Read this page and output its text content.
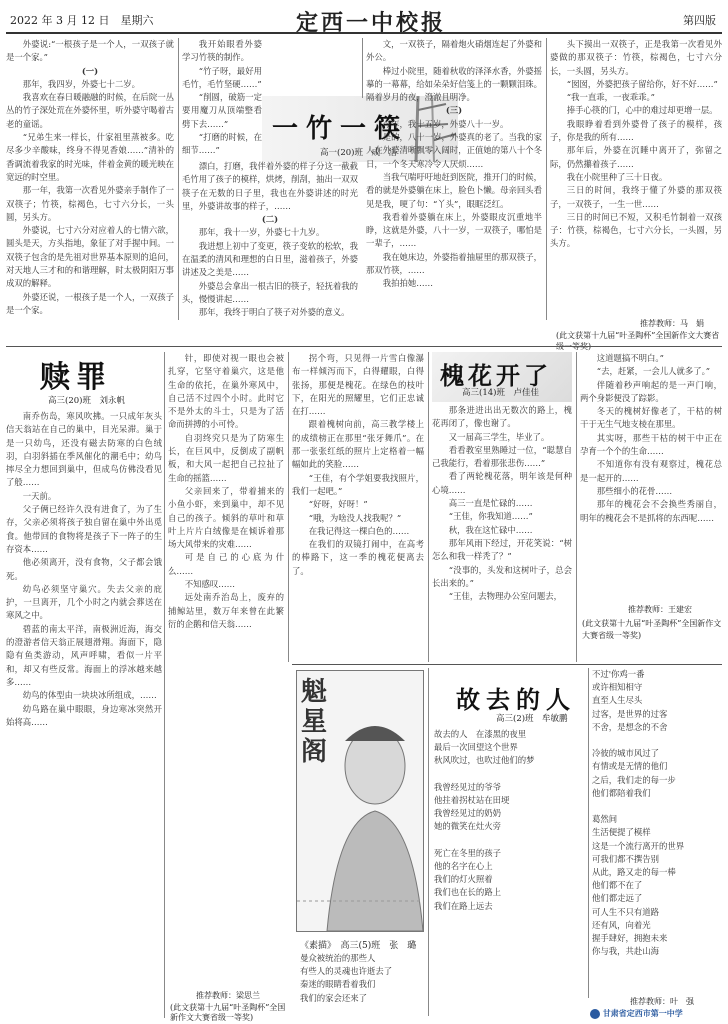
2022 年 3 月 12 日　星期六	定西一中校报	第四版
一竹一筷
高一(20)班　成　洁

外婆说:“一根孩子是一个人，一双孩子就是一个家。”

(一)

那年，我四岁，外婆七十二岁。

我喜欢在春日暖融融的时候，在后院一丛丛的竹子深处荒在外婆怀里，听外婆守喝着古老的童谣。

“兄弟生来一样长，什家祖里蒸被多。吃尽多少辛酸味，终身不得见香娘……”清补的香调流着我家的时光味，伴着金黄的暖光映在宽远的时空里。

那一年，我第一次看见外婆亲手制作了一双筷子；竹筷，棕褐色，七寸六分长，一头圆，另头方。

外婆说，七寸六分对应着人的七情六欲，圆头是天，方头指地，象征了对手握中间。一双筷子包含的是先祖对世界基本原则的追问，对天地人三才和的和谐理解，时太极阴阳万事成双的解释。

外婆还说，一根孩子是一个人，一双孩子是一个家。

我开始眼看外婆学习竹筷的制作。

“竹子呀，最好用毛竹，毛竹坚硬……”

“削圆，破筋一定要用魔刀从顶端整看劈下去……”

“打磨的时候，在细节……”

漂白，打磨，我伴着外婆的样子分这一截截毛竹用了孩子的模样，烘烤，削刮，抽出一双双筷子在无数的日子里，我也在外婆讲述的时光里，外婆讲故事的样子，……

(二)

那年，我十一岁，外婆七十九岁。

我进想上初中了变更，筷子变软的松软，我在温柔的清风和理想的白日里，滋着孩子，外婆讲述及之美是……

外婆总会拿出一根古旧的筷子，轻抚着我的头，慢慢讲起……

那年，我终于明白了筷子对外婆的意义。

文，一双筷子，隔着炮火硝烟连起了外婆和外公。

棒过小院里，随着秋收的泽泽水香，外婆摇摹的一幕幕，给如朵朵好信笺上的一颗颗泪珠。隔着岁月的夜，澄澈且明净。

(三)

今年，我十五岁，外婆八十一岁。

是的，八十一岁，外婆真的老了。当我的家人在外婆清晰飘零入阔时，正值她的第八十个冬日，一个冬天寒冷令人厌烦……

当我气喘吁吁地赶到医院，推开门的时候，看的就是外婆躺在床上，脸色卜懒。母亲回头看见是我，哽了句：“丫头”，眼眶泛红。

我看着外婆躺在床上，外婆眼皮沉重地半睁，这就是外婆，八十一岁，一双筷子，哪怕是一辈子，……

我在她床边，外婆指着抽屉里的那双筷子，那双竹筷，……

我拍拍她……

头下摸出一双筷子，正是我第一次看见外婆做的那双筷子：竹筷，棕褐色，七寸六分长，一头圆，另头方。

“囡囡，外婆把孩子留给你，好不好……”

“我一直乖，一夜乖乖。”

捧手心筷的门，心中的难过却更增一层。

我眼睁着看到外婆骨了孩子的模样，孩子，你是我的所有……

那年后，外婆在沉睡中离开了，弥留之际，仍然攥着孩子……

我在小院里种了三十日夜。

三日的时间，我终于懂了外婆的那双筷子，一双筷子，一生一世……

三日的时间已不短，又积毛竹制着一双孩子：竹筷，棕褐色，七寸六分长，一头圆，另头方。

推荐教师：马　娟
(此文获第十九届“叶圣陶杯”全国新作文大赛省级一等奖)
赎罪
高三(20)班　刘永帆

南乔伤岛，寒风吹拂。一只成年灰头信天翁站在自己的巢中，目光呆滞。巢于是一只幼鸟，还没有磁去防寒的白色绒羽，白羽斜插在季风催化的潮毛中；幼鸟摔尽全力想回到巢中，但成鸟仿佛没看见了般……

一天前。

父子俩已经许久没有进食了，为了生存，父亲必须将孩子独自留在巢中外出觅食。他带回的食物将是孩子下一阵子的生存资本……

他必须离开，没有食物，父子都会饿死。

幼鸟必须坚守巢穴。失去父亲的庇护，一旦离开，几个小时之内就会葬送在寒风之中。

碧蓝的南太平洋，南极洲近海，海交的澄游者信天翁正展翅滑翔。海面下，隐隐有鱼类游动，风声呼啸，看似一片平和，却又有些反常。海面上的浮冰越来越多……

幼鸟的体型由一块块冰所组成，……

幼鸟路在巢中眼眼，身边寒冰突然开始将高……

针，即使对视一眼也会被扎穿，它坚守着巢穴，这是他生命的依托，在巢外寒风中，自己活不过四个小时。此时它不是外太的斗士，只是为了活命而拼搏的小可怜。

自羽终究只是为了防寒生长，在巨风中，反倒成了副帆板，和大风一起把自己拉扯了生命的摇篮……

父亲回来了，带着捕来的小鱼小虾，来到巢中，却不见自己的孩子。倾斜的草叶和草叶上片片白绒像是在倾诉着那场大风带来的灾难……

可是自己的心底为什么……

不知感叹……

远处南乔治岛上，废弃的捕鲸站里，数万年来曾在此繁衍的企鹅和信天翁……

推荐教师：梁思兰
(此文获第十九届“叶圣陶杯”全国新作文大赛省级一等奖)

拐个弯，只见得一片雪白像瀑布一样倾泻而下，白得耀眼，白得张扬，那便是槐花。在绿色的枝叶下，在阳光的照耀里，它们正忠诚在打……

跟着槐树向前，高三教学楼上的成绩榜正在那里“张牙舞爪”。在那一张张红纸的照片上定格着一幅幅如此的笑脸……

“王佳，有个学姐要我找照片，我们一起吧。”

“好呀，好呀！”

“哦，为啥没人找我呢？”

在我记得这一棵白色的……

在我们的双镜打闹中，在高考的棒路下，这一季的槐花便离去了。

槐花开了
高三(14)班　卢佳佳

那条进进出出无数次的路上，槐花再闭了，像也谢了。

又一届高三学生，毕业了。

看看教室里熟睡过一位，“聪慧自己我能行，看着那张悲伤……”

看了两轮槐花落，明年该是何种心境……

高三一直是忙碌的……

“王佳，你我知道……”

秋，我在这忙碌中……

那年风雨下经过，开花笑说：“树怎么和我一样秃了？”

“没事的，头发和这树叶子，总会长出来的。”

“王佳，去物理办公室问题去，

这道题搞不明白。”

“去，赶紧，一会儿人就多了。”

伴随着秒声响起的是一声门响，两个身影便没了踪影。

冬天的槐树好像老了，干枯的树干于无生气地支棱在那里。

其实呀，那些干枯的树干中正在孕育一个个的生命……

不知道你有没有观察过，槐花总是一起开的……

那些细小的花骨……

那年的槐花会不会换些秀丽自，明年的槐花会不是抓将的东西呢……

推荐教师：王建宏
(此文获第十九届“叶圣陶杯”全国新作文大赛省级一等奖)
魁星阁
《素描》　高三(5)班　张　璐
故去的人
高三(2)班　牟敏鹏
曼众被统治的那些人
有些人的灵魂也许逝去了
秦迷的眼睛看着我们
我们的家会还来了

故去的人　在漆黑的夜里
最后一次回望这个世界
秋风吹过，也吹过他们的梦

我曾经见过的爷爷
他拄着拐杖站在田埂
我曾经见过的奶奶
她的微笑在灶火旁

死亡在冬里的孩子
他的名字在心上
我们的灯火照着
我们也在长的路上
我们在路上远去
不过'你鸡一番
或许相知相守
直至人生尽头
过客，是世界的过客
不舍，是想念的不舍

冷彼的城市风过了
有情或是无情的他们
之后，我们走的每一步
他们都陪着我们

葛然间
生活便提了模样
这是一个流行离开的世界
可我们都不撰告别
从此，路又走的每一棒
他们都不在了
他们都走远了
可人生不只有道路
还有风，向着光
握手肆好，拥抱未来
你与我，共赴山海
推荐教师：叶　强
甘肃省定西市第一中学
